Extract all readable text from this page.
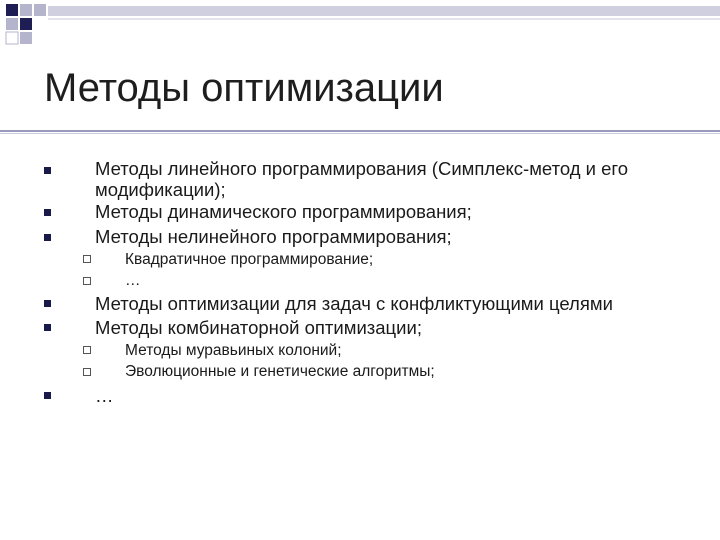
Методы оптимизации
Методы линейного программирования (Симплекс-метод и его модификации);
Методы динамического программирования;
Методы нелинейного программирования;
Квадратичное программирование;
…
Методы оптимизации для задач с конфликтующими целями
Методы комбинаторной оптимизации;
Методы муравьиных колоний;
Эволюционные и генетические алгоритмы;
…
